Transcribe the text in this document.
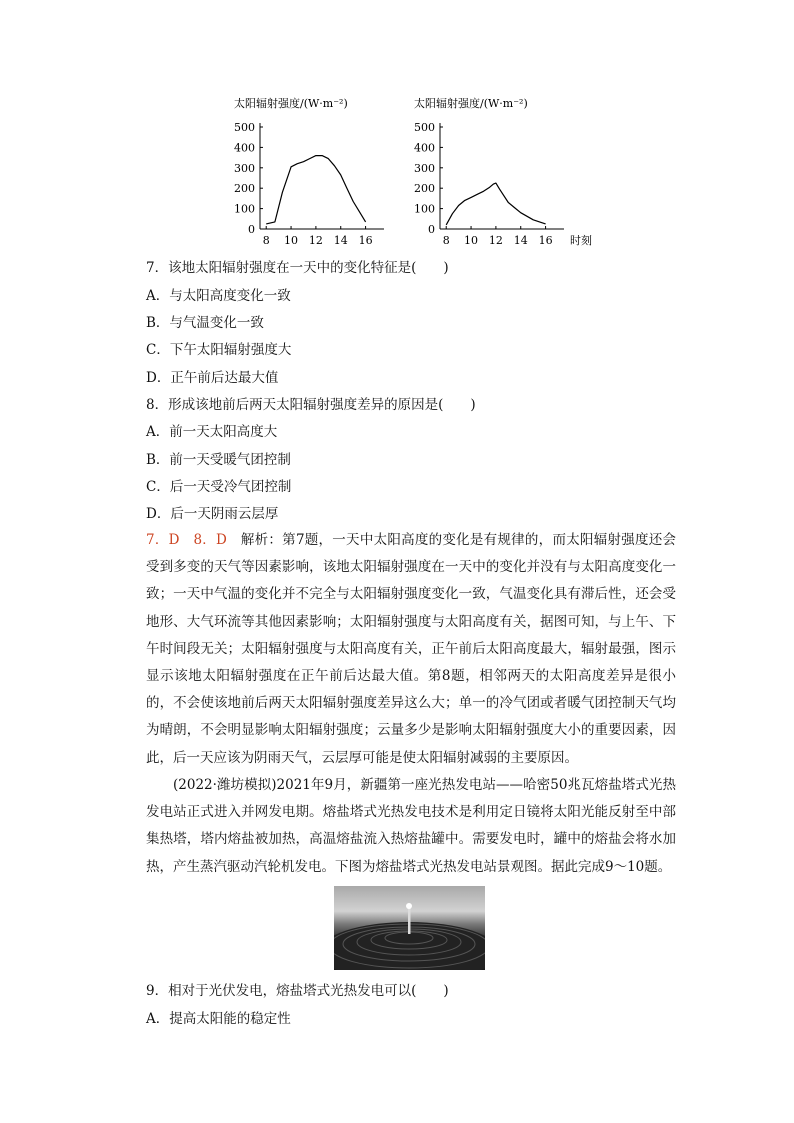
太阳辐射强度/(W·m⁻²)
500
400
300
200
100
0
8 10 12 14 16
太阳辐射强度/(W·m⁻²)
500
400
300
200
100
0
8 10 12 14 16 时刻
7．该地太阳辐射强度在一天中的变化特征是(　　)
A．与太阳高度变化一致
B．与气温变化一致
C．下午太阳辐射强度大
D．正午前后达最大值
8．形成该地前后两天太阳辐射强度差异的原因是(　　)
A．前一天太阳高度大
B．前一天受暖气团控制
C．后一天受冷气团控制
D．后一天阴雨云层厚
7．D　8．D　解析：第7题，一天中太阳高度的变化是有规律的，而太阳辐射强度还会受到多变的天气等因素影响，该地太阳辐射强度在一天中的变化并没有与太阳高度变化一致；一天中气温的变化并不完全与太阳辐射强度变化一致，气温变化具有滞后性，还会受地形、大气环流等其他因素影响；太阳辐射强度与太阳高度有关，据图可知，与上午、下午时间段无关；太阳辐射强度与太阳高度有关，正午前后太阳高度最大，辐射最强，图示显示该地太阳辐射强度在正午前后达最大值。第8题，相邻两天的太阳高度差异是很小的，不会使该地前后两天太阳辐射强度差异这么大；单一的冷气团或者暖气团控制天气均为晴朗，不会明显影响太阳辐射强度；云量多少是影响太阳辐射强度大小的重要因素，因此，后一天应该为阴雨天气，云层厚可能是使太阳辐射减弱的主要原因。
(2022·潍坊模拟)2021年9月，新疆第一座光热发电站——哈密50兆瓦熔盐塔式光热发电站正式进入并网发电期。熔盐塔式光热发电技术是利用定日镜将太阳光能反射至中部集热塔，塔内熔盐被加热，高温熔盐流入热熔盐罐中。需要发电时，罐中的熔盐会将水加热，产生蒸汽驱动汽轮机发电。下图为熔盐塔式光热发电站景观图。据此完成9～10题。
9．相对于光伏发电，熔盐塔式光热发电可以(　　)
A．提高太阳能的稳定性
